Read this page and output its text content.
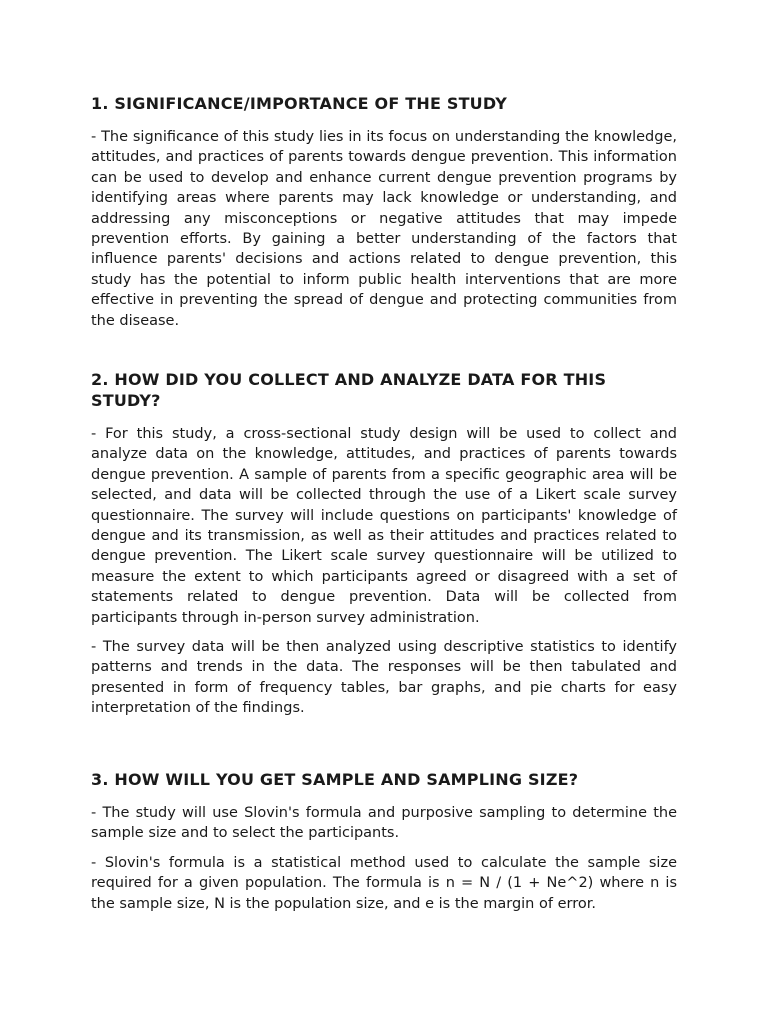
1. SIGNIFICANCE/IMPORTANCE OF THE STUDY

- The significance of this study lies in its focus on understanding the knowledge, attitudes, and practices of parents towards dengue prevention. This information can be used to develop and enhance current dengue prevention programs by identifying areas where parents may lack knowledge or understanding, and addressing any misconceptions or negative attitudes that may impede prevention efforts. By gaining a better understanding of the factors that influence parents' decisions and actions related to dengue prevention, this study has the potential to inform public health interventions that are more effective in preventing the spread of dengue and protecting communities from the disease.

2. HOW DID YOU COLLECT AND ANALYZE DATA FOR THIS STUDY?

- For this study, a cross-sectional study design will be used to collect and analyze data on the knowledge, attitudes, and practices of parents towards dengue prevention. A sample of parents from a specific geographic area will be selected, and data will be collected through the use of a Likert scale survey questionnaire. The survey will include questions on participants' knowledge of dengue and its transmission, as well as their attitudes and practices related to dengue prevention. The Likert scale survey questionnaire will be utilized to measure the extent to which participants agreed or disagreed with a set of statements related to dengue prevention. Data will be collected from participants through in-person survey administration.

- The survey data will be then analyzed using descriptive statistics to identify patterns and trends in the data. The responses will be then tabulated and presented in form of frequency tables, bar graphs, and pie charts for easy interpretation of the findings.

3. HOW WILL YOU GET SAMPLE AND SAMPLING SIZE?

- The study will use Slovin's formula and purposive sampling to determine the sample size and to select the participants.

- Slovin's formula is a statistical method used to calculate the sample size required for a given population. The formula is n = N / (1 + Ne^2) where n is the sample size, N is the population size, and e is the margin of error.
